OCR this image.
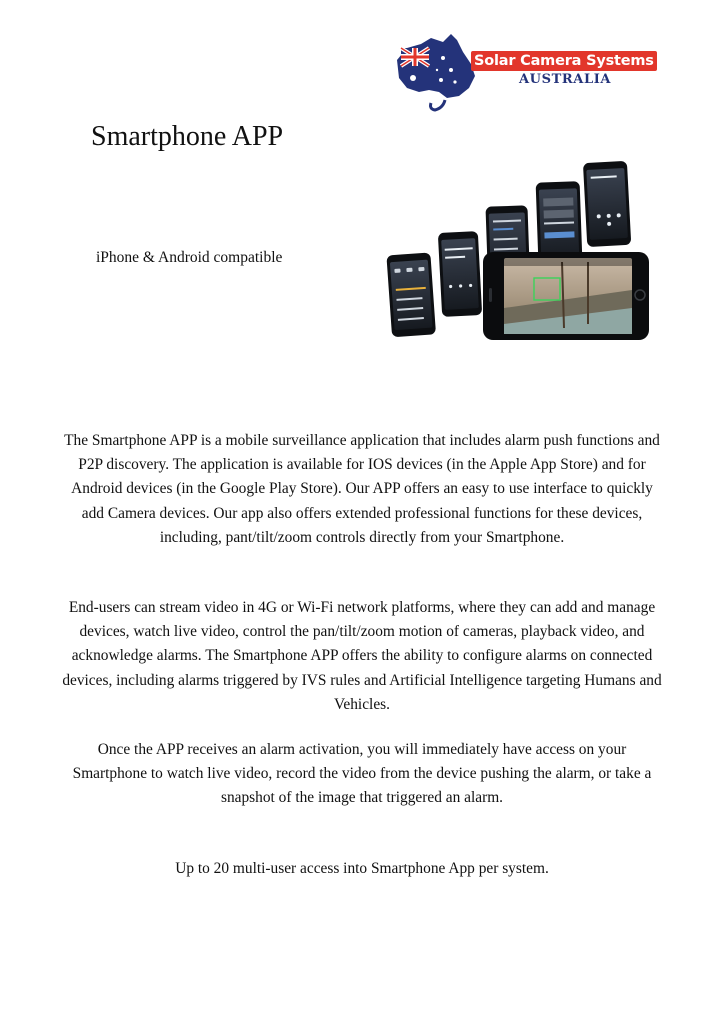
Solar Camera Systems
AUSTRALIA
Smartphone APP
iPhone & Android compatible

The Smartphone APP is a mobile surveillance application that includes alarm push functions and P2P discovery. The application is available for IOS devices (in the Apple App Store) and for Android devices (in the Google Play Store). Our APP offers an easy to use interface to quickly add Camera devices. Our app also offers extended professional functions for these devices, including, pant/tilt/zoom controls directly from your Smartphone.

End-users can stream video in 4G or Wi-Fi network platforms, where they can add and manage devices, watch live video, control the pan/tilt/zoom motion of cameras, playback video, and acknowledge alarms. The Smartphone APP offers the ability to configure alarms on connected devices, including alarms triggered by IVS rules and Artificial Intelligence targeting Humans and Vehicles.

Once the APP receives an alarm activation, you will immediately have access on your Smartphone to watch live video, record the video from the device pushing the alarm, or take a snapshot of the image that triggered an alarm.

Up to 20 multi-user access into Smartphone App per system.
